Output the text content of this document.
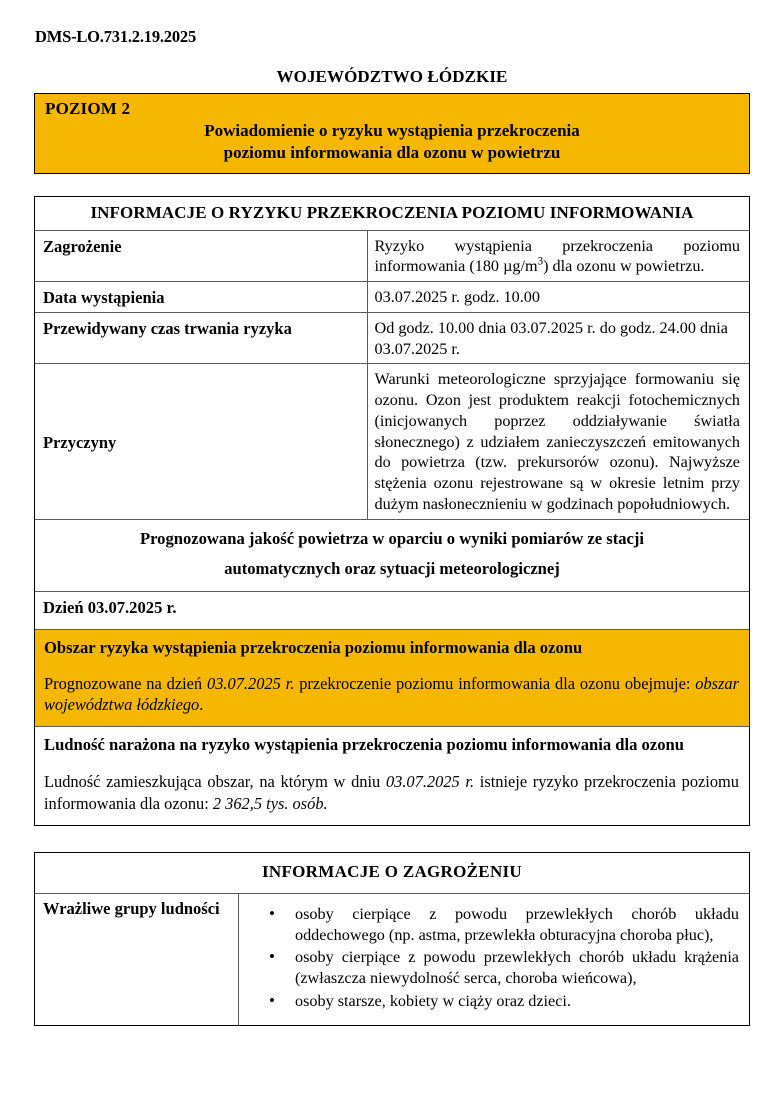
DMS-LO.731.2.19.2025
WOJEWÓDZTWO ŁÓDZKIE
POZIOM 2
Powiadomienie o ryzyku wystąpienia przekroczenia
poziomu informowania dla ozonu w powietrzu
INFORMACJE O RYZYKU PRZEKROCZENIA POZIOMU INFORMOWANIA	
Zagrożenie	Ryzyko wystąpienia przekroczenia poziomu informowania (180 $\mu g/m^3$) dla ozonu w powietrzu.
Data wystąpienia	03.07.2025 r. godz. 10.00
Przewidywany czas trwania ryzyka	Od godz. 10.00 dnia 03.07.2025 r. do godz. 24.00 dnia 03.07.2025 r.
Przyczyny	Warunki meteorologiczne sprzyjające formowaniu się ozonu. Ozon jest produktem reakcji fotochemicznych (inicjowanych poprzez oddziaływanie światła słonecznego) z udziałem zanieczyszczeń emitowanych do powietrza (tzw. prekursorów ozonu). Najwyższe stężenia ozonu rejestrowane są w okresie letnim przy dużym nasłonecznieniu w godzinach popołudniowych.

Prognozowana jakość powietrza w oparciu o wyniki pomiarów ze stacji
automatycznych oraz sytuacji meteorologicznej	

Dzień 03.07.2025 r.	

Obszar ryzyka wystąpienia przekroczenia poziomu informowania dla ozonu
Prognozowane na dzień 03.07.2025 r. przekroczenie poziomu informowania dla ozonu obejmuje: obszar województwa łódzkiego.	

Ludność narażona na ryzyko wystąpienia przekroczenia poziomu informowania dla ozonu
Ludność zamieszkująca obszar, na którym w dniu 03.07.2025 r. istnieje ryzyko przekroczenia poziomu informowania dla ozonu: 2 362,5 tys. osób.	
INFORMACJE O ZAGROŻENIU
Wrażliwe grupy ludności	
•osoby cierpiące z powodu przewlekłych chorób układu oddechowego (np. astma, przewlekła obturacyjna choroba płuc),
• osoby cierpiące z powodu przewlekłych chorób układu krążenia (zwłaszcza niewydolność serca, choroba wieńcowa),
• osoby starsze, kobiety w ciąży oraz dzieci.
